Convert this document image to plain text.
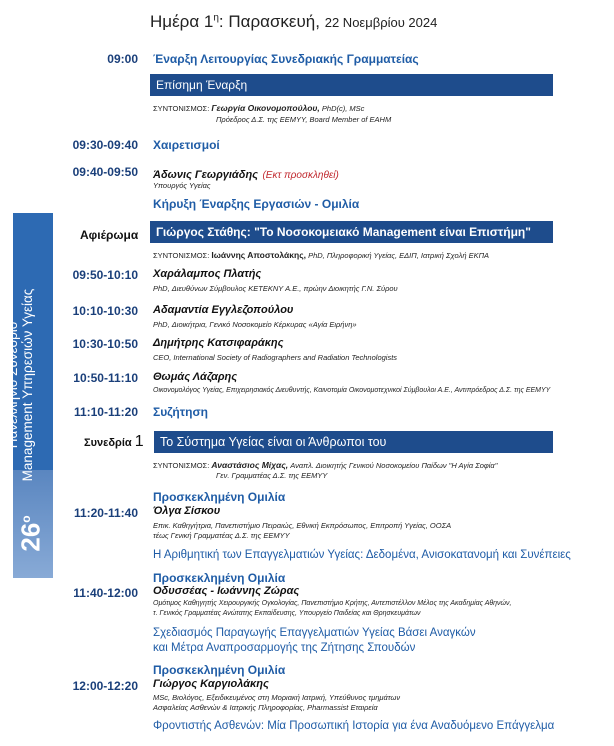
Ημέρα $1^\eta$: Παρασκευή, 22 Νοεμβρίου 2024
Πανελλήνιο Συνέδριο Management Υπηρεσιών Υγείας
$26^o$
09:00 Έναρξη Λειτουργίας Συνεδριακής Γραμματείας
Επίσημη Έναρξη
ΣΥΝΤΟΝΙΣΜΟΣ: Γεωργία Οικονομοπούλου, PhD(c), MSc
Πρόεδρος Δ.Σ. της ΕΕΜΥΥ, Board Member of EAHM
09:30-09:40 Χαιρετισμοί
09:40-09:50 Άδωνις Γεωργιάδης (Εκτ προσκληθεί)
Υπουργός Υγείας
Κήρυξη Έναρξης Εργασιών - Ομιλία
Αφιέρωμα	Γιώργος Στάθης: "Το Νοσοκομειακό Management είναι Επιστήμη"
ΣΥΝΤΟΝΙΣΜΟΣ: Ιωάννης Αποστολάκης, PhD, Πληροφορική Υγείας, ΕΔΙΠ, Ιατρική Σχολή ΕΚΠΑ
09:50-10:10 Χαράλαμπος Πλατής
PhD, Διευθύνων Σύμβουλος ΚΕΤΕΚΝΥ Α.Ε., πρώην Διοικητής Γ.Ν. Σύρου
10:10-10:30 Αδαμαντία Εγγλεζοπούλου
PhD, Διοικήτρια, Γενικό Νοσοκομείο Κέρκυρας «Αγία Ειρήνη»
10:30-10:50 Δημήτρης Κατσιφαράκης
CEO, International Society of Radiographers and Radiation Technologists
10:50-11:10 Θωμάς Λάζαρης
Οικονομολόγος Υγείας, Επιχειρησιακός Διευθυντής, Καινοτομία Οικονομοτεχνικοί Σύμβουλοι Α.Ε., Αντιπρόεδρος Δ.Σ. της ΕΕΜΥΥ
11:10-11:20 Συζήτηση
Συνεδρία 1	Το Σύστημα Υγείας είναι οι Άνθρωποι του
ΣΥΝΤΟΝΙΣΜΟΣ: Αναστάσιος Μίχας, Αναπλ. Διοικητής Γενικού Νοσοκομείου Παίδων "Η Αγία Σοφία"
Γεν. Γραμματέας Δ.Σ. της ΕΕΜΥΥ
Προσκεκλημένη Ομιλία
11:20-11:40 Όλγα Σίσκου
Επικ. Καθηγήτρια, Πανεπιστήμιο Πειραιώς, Εθνική Εκπρόσωπος, Επιτροπή Υγείας, ΟΟΣΑ
τέως Γενική Γραμματέας Δ.Σ. της ΕΕΜΥΥ
Η Αριθμητική των Επαγγελματιών Υγείας: Δεδομένα, Ανισοκατανομή και Συνέπειες
Προσκεκλημένη Ομιλία
11:40-12:00 Οδυσσέας - Ιωάννης Ζώρας
Ομότιμος Καθηγητής Χειρουργικής Ογκολογίας, Πανεπιστήμιο Κρήτης, Αντεπιστέλλον Μέλος της Ακαδημίας Αθηνών,
τ. Γενικός Γραμματέας Ανώτατης Εκπαίδευσης, Υπουργείο Παιδείας και Θρησκευμάτων
Σχεδιασμός Παραγωγής Επαγγελματιών Υγείας Βάσει Αναγκών
και Μέτρα Αναπροσαρμογής της Ζήτησης Σπουδών
Προσκεκλημένη Ομιλία
12:00-12:20 Γιώργος Καργιολάκης
MSc, Βιολόγος, Εξειδικευμένος στη Μοριακή Ιατρική, Υπεύθυνος τμημάτων
Ασφαλείας Ασθενών & Ιατρικής Πληροφορίας, Pharmassist Εταιρεία
Φροντιστής Ασθενών: Μία Προσωπική Ιστορία για ένα Αναδυόμενο Επάγγελμα
